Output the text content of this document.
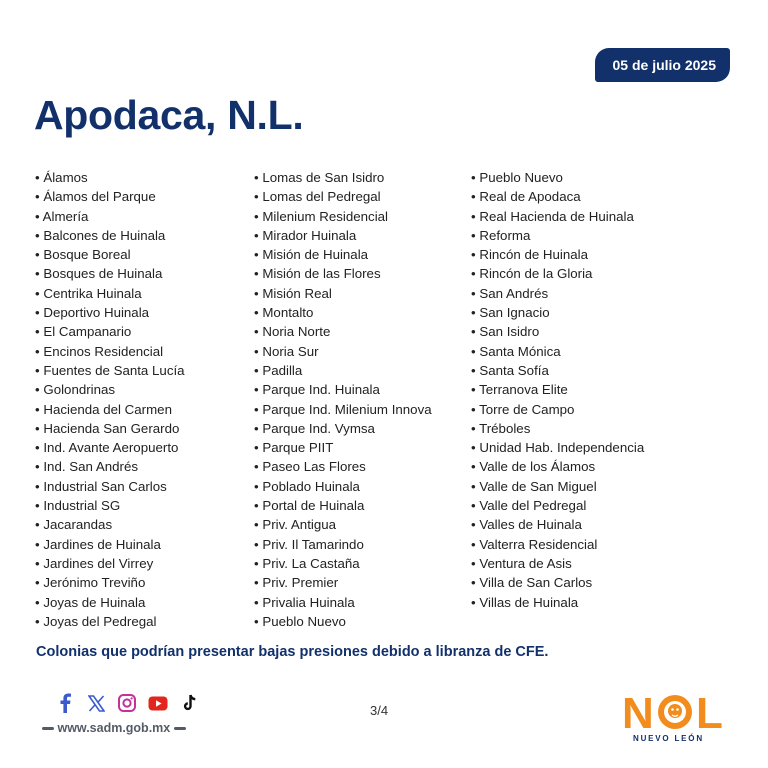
05 de julio 2025
Apodaca, N.L.
• Álamos
• Álamos del Parque
• Almería
• Balcones de Huinala
• Bosque Boreal
• Bosques de Huinala
• Centrika Huinala
• Deportivo Huinala
• El Campanario
• Encinos Residencial
• Fuentes de Santa Lucía
• Golondrinas
• Hacienda del Carmen
• Hacienda San Gerardo
• Ind. Avante Aeropuerto
• Ind. San Andrés
• Industrial San Carlos
• Industrial SG
• Jacarandas
• Jardines de Huinala
• Jardines del Virrey
• Jerónimo Treviño
• Joyas de Huinala
• Joyas del Pedregal
• Lomas de San Isidro
• Lomas del Pedregal
• Milenium Residencial
• Mirador Huinala
• Misión de Huinala
• Misión de las Flores
• Misión Real
• Montalto
• Noria Norte
• Noria Sur
• Padilla
• Parque Ind. Huinala
• Parque Ind. Milenium Innova
• Parque Ind. Vymsa
• Parque PIIT
• Paseo Las Flores
• Poblado Huinala
• Portal de Huinala
• Priv. Antigua
• Priv. Il Tamarindo
• Priv. La Castaña
• Priv. Premier
• Privalia Huinala
• Pueblo Nuevo
• Pueblo Nuevo
• Real de Apodaca
• Real Hacienda de Huinala
• Reforma
• Rincón de Huinala
• Rincón de la Gloria
• San Andrés
• San Ignacio
• San Isidro
• Santa Mónica
• Santa Sofía
• Terranova Elite
• Torre de Campo
• Tréboles
• Unidad Hab. Independencia
• Valle de los Álamos
• Valle de San Miguel
• Valle del Pedregal
• Valles de Huinala
• Valterra Residencial
• Ventura de Asis
• Villa de San Carlos
• Villas de Huinala
Colonias que podrían presentar bajas presiones debido a libranza de CFE.
www.sadm.gob.mx
3/4	N L
NUEVO LEÓN
